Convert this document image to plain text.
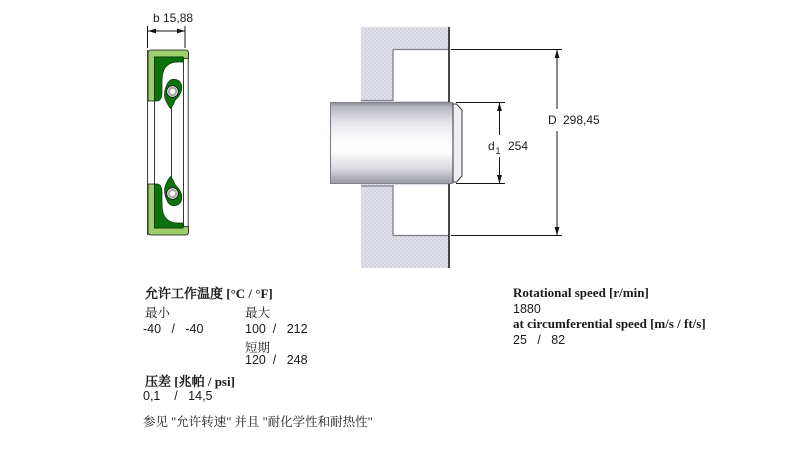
b 15,88
d 1 254
D 298,45
允许工作温度 [°C / °F]
最小	最大
-40   /   -40	100  /   212
短期
120  /   248
压差 [兆帕 / psi]
0,1    /   14,5
参见 "允许转速" 并且 "耐化学性和耐热性"
Rotational speed [r/min]
1880
at circumferential speed [m/s / ft/s]
25   /   82
